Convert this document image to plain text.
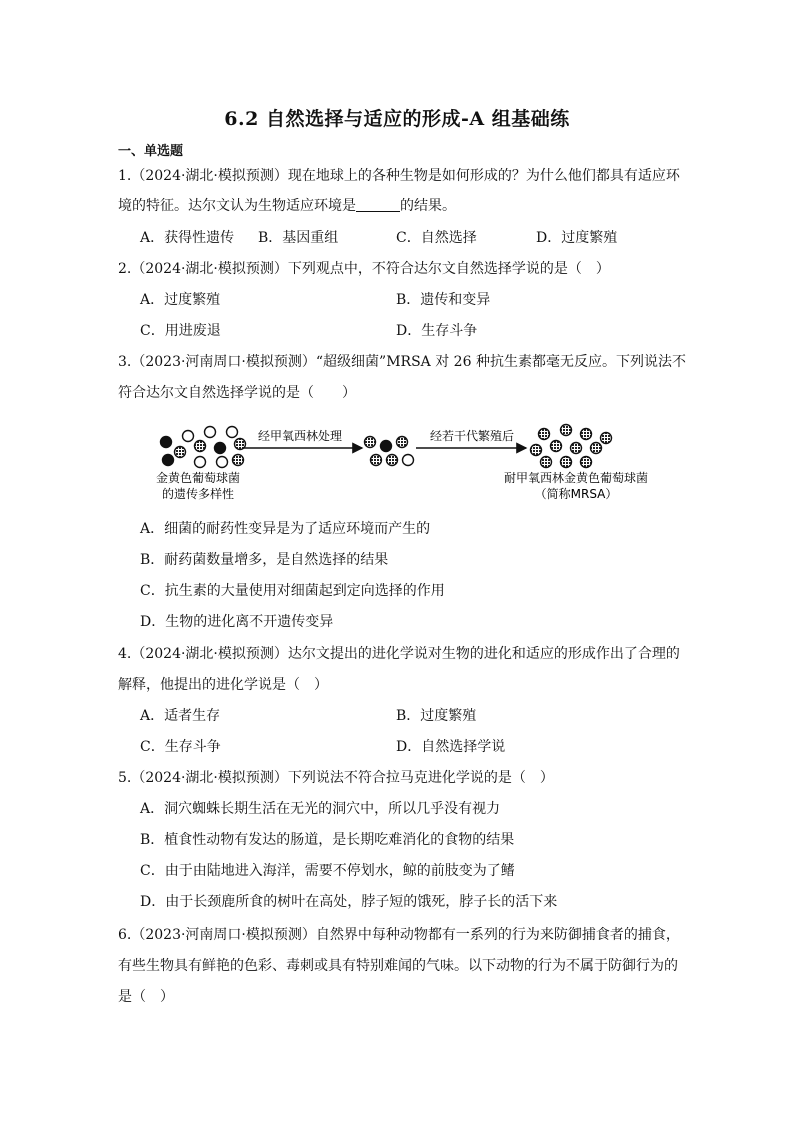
6.2 自然选择与适应的形成-A 组基础练
一、单选题
1.（2024·湖北·模拟预测）现在地球上的各种生物是如何形成的？为什么他们都具有适应环
境的特征。达尔文认为生物适应环境是	的结果。
A．获得性遗传 B．基因重组	C．自然选择	D．过度繁殖
2.（2024·湖北·模拟预测）下列观点中，不符合达尔文自然选择学说的是（　）
A．过度繁殖	B．遗传和变异
C．用进废退	D．生存斗争
3.（2023·河南周口·模拟预测）“超级细菌”MRSA 对 26 种抗生素都毫无反应。下列说法不
符合达尔文自然选择学说的是（　　）
经甲氧西林处理	经若干代繁殖后
金黄色葡萄球菌
的遗传多样性
耐甲氧西林金黄色葡萄球菌
（简称MRSA）
A．细菌的耐药性变异是为了适应环境而产生的
B．耐药菌数量增多，是自然选择的结果
C．抗生素的大量使用对细菌起到定向选择的作用
D．生物的进化离不开遗传变异
4.（2024·湖北·模拟预测）达尔文提出的进化学说对生物的进化和适应的形成作出了合理的
解释，他提出的进化学说是（　）
A．适者生存	B．过度繁殖
C．生存斗争	D．自然选择学说
5.（2024·湖北·模拟预测）下列说法不符合拉马克进化学说的是（　）
A．洞穴蜘蛛长期生活在无光的洞穴中，所以几乎没有视力
B．植食性动物有发达的肠道，是长期吃难消化的食物的结果
C．由于由陆地进入海洋，需要不停划水，鲸的前肢变为了鳍
D．由于长颈鹿所食的树叶在高处，脖子短的饿死，脖子长的活下来
6.（2023·河南周口·模拟预测）自然界中每种动物都有一系列的行为来防御捕食者的捕食，
有些生物具有鲜艳的色彩、毒刺或具有特别难闻的气味。以下动物的行为不属于防御行为的
是（　）
